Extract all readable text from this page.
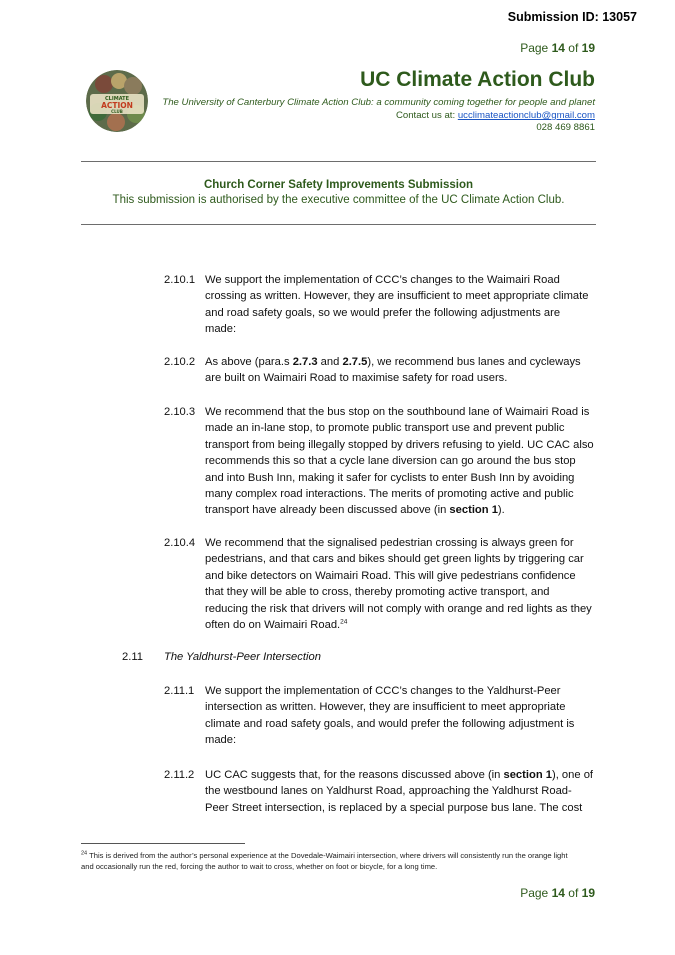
Submission ID: 13057
Page 14 of 19
CLIMATE
ACTION
CLUB
UC Climate Action Club
The University of Canterbury Climate Action Club: a community coming together for people and planet
Contact us at: ucclimateactionclub@gmail.com
028 469 8861
Church Corner Safety Improvements Submission
This submission is authorised by the executive committee of the UC Climate Action Club.
2.10.1 We support the implementation of CCC’s changes to the Waimairi Road crossing as written. However, they are insufficient to meet appropriate climate and road safety goals, so we would prefer the following adjustments are made:
2.10.2 As above (para.s 2.7.3 and 2.7.5), we recommend bus lanes and cycleways are built on Waimairi Road to maximise safety for road users.
2.10.3 We recommend that the bus stop on the southbound lane of Waimairi Road is made an in-lane stop, to promote public transport use and prevent public transport from being illegally stopped by drivers refusing to yield. UC CAC also recommends this so that a cycle lane diversion can go around the bus stop and into Bush Inn, making it safer for cyclists to enter Bush Inn by avoiding many complex road interactions. The merits of promoting active and public transport have already been discussed above (in section 1).
2.10.4 We recommend that the signalised pedestrian crossing is always green for pedestrians, and that cars and bikes should get green lights by triggering car and bike detectors on Waimairi Road. This will give pedestrians confidence that they will be able to cross, thereby promoting active transport, and reducing the risk that drivers will not comply with orange and red lights as they often do on Waimairi Road.$^{24}$
2.11 The Yaldhurst-Peer Intersection
2.11.1 We support the implementation of CCC’s changes to the Yaldhurst-Peer intersection as written. However, they are insufficient to meet appropriate climate and road safety goals, and would prefer the following adjustment is made:
2.11.2 UC CAC suggests that, for the reasons discussed above (in section 1), one of the westbound lanes on Yaldhurst Road, approaching the Yaldhurst Road-Peer Street intersection, is replaced by a special purpose bus lane. The cost
$^{24}$ This is derived from the author’s personal experience at the Dovedale-Waimairi intersection, where drivers will consistently run the orange light and occasionally run the red, forcing the author to wait to cross, whether on foot or bicycle, for a long time.
Page 14 of 19
